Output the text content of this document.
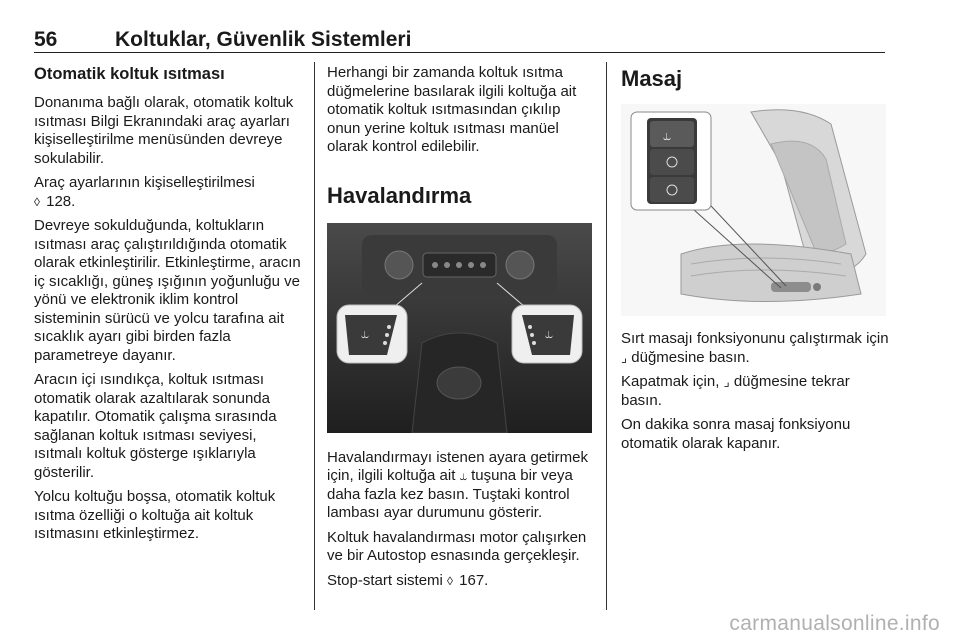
56	Koltuklar, Güvenlik Sistemleri
Otomatik koltuk ısıtması

Donanıma bağlı olarak, otomatik koltuk ısıtması Bilgi Ekranındaki araç ayarları kişiselleştirilme menüsünden devreye sokulabilir.

Araç ayarlarının kişiselleştirilmesi
◊ 128.

Devreye sokulduğunda, koltukların ısıtması araç çalıştırıldığında otomatik olarak etkinleştirilir. Etkinleştirme, aracın iç sıcaklığı, güneş ışığının yoğunluğu ve yönü ve elektronik iklim kontrol sisteminin sürücü ve yolcu tarafına ait sıcaklık ayarı gibi birden fazla parametreye dayanır.

Aracın içi ısındıkça, koltuk ısıtması otomatik olarak azaltılarak sonunda kapatılır. Otomatik çalışma sırasında sağlanan koltuk ısıtması seviyesi, ısıtmalı koltuk gösterge ışıklarıyla gösterilir.

Yolcu koltuğu boşsa, otomatik koltuk ısıtma özelliği o koltuğa ait koltuk ısıtmasını etkinleştirmez.

Herhangi bir zamanda koltuk ısıtma düğmelerine basılarak ilgili koltuğa ait otomatik koltuk ısıtmasından çıkılıp onun yerine koltuk ısıtması manüel olarak kontrol edilebilir.

Havalandırma
⥿	⥿

Havalandırmayı istenen ayara getirmek için, ilgili koltuğa ait ⥿ tuşuna bir veya daha fazla kez basın. Tuştaki kontrol lambası ayar durumunu gösterir.

Koltuk havalandırması motor çalışırken ve bir Autostop esnasında gerçekleşir.

Stop-start sistemi ◊ 167.

Masaj
⥿

Sırt masajı fonksiyonunu çalıştırmak için ⌟ düğmesine basın.

Kapatmak için, ⌟ düğmesine tekrar basın.

On dakika sonra masaj fonksiyonu otomatik olarak kapanır.

carmanualsonline.info
